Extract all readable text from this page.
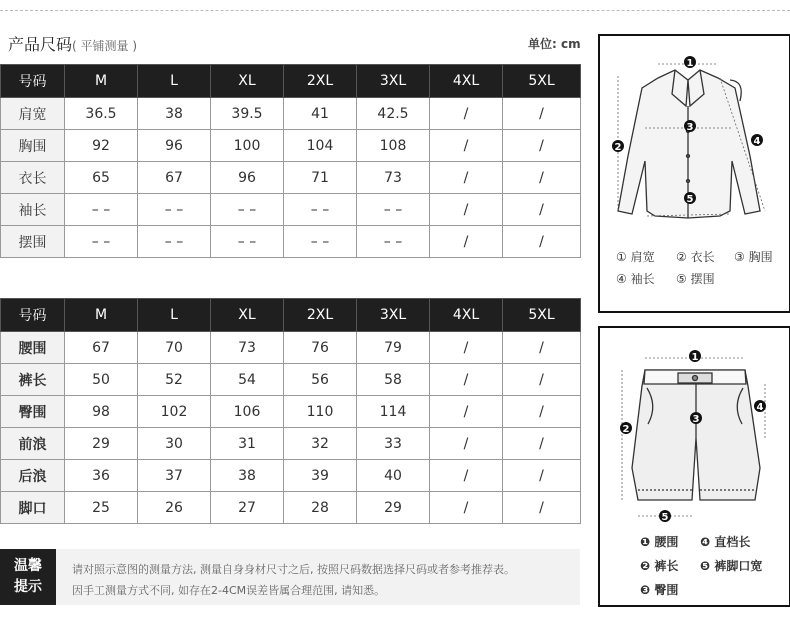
产品尺码( 平铺测量 )	单位: cm
号码	M	L	XL	2XL	3XL	4XL	5XL
肩宽	36.5	38	39.5	41	42.5	/	/
胸围	92	96	100	104	108	/	/
衣长	65	67	96	71	73	/	/
袖长	– –	– –	– –	– –	– –	/	/
摆围	– –	– –	– –	– –	– –	/	/
号码	M	L	XL	2XL	3XL	4XL	5XL
腰围	67	70	73	76	79	/	/
裤长	50	52	54	56	58	/	/
臀围	98	102	106	110	114	/	/
前浪	29	30	31	32	33	/	/
后浪	36	37	38	39	40	/	/
脚口	25	26	27	28	29	/	/
温馨
提示
请对照示意图的测量方法, 测量自身身材尺寸之后, 按照尺码数据选择尺码或者参考推荐表。
因手工测量方式不同, 如存在2-4CM误差皆属合理范围, 请知悉。
1
2
3
4
5
① 肩宽 ② 衣长 ③ 胸围
④ 袖长 ⑤ 摆围
1
2
3
4
5
❶ 腰围 ❹ 直档长
❷ 裤长 ❺ 裤脚口宽
❸ 臀围
